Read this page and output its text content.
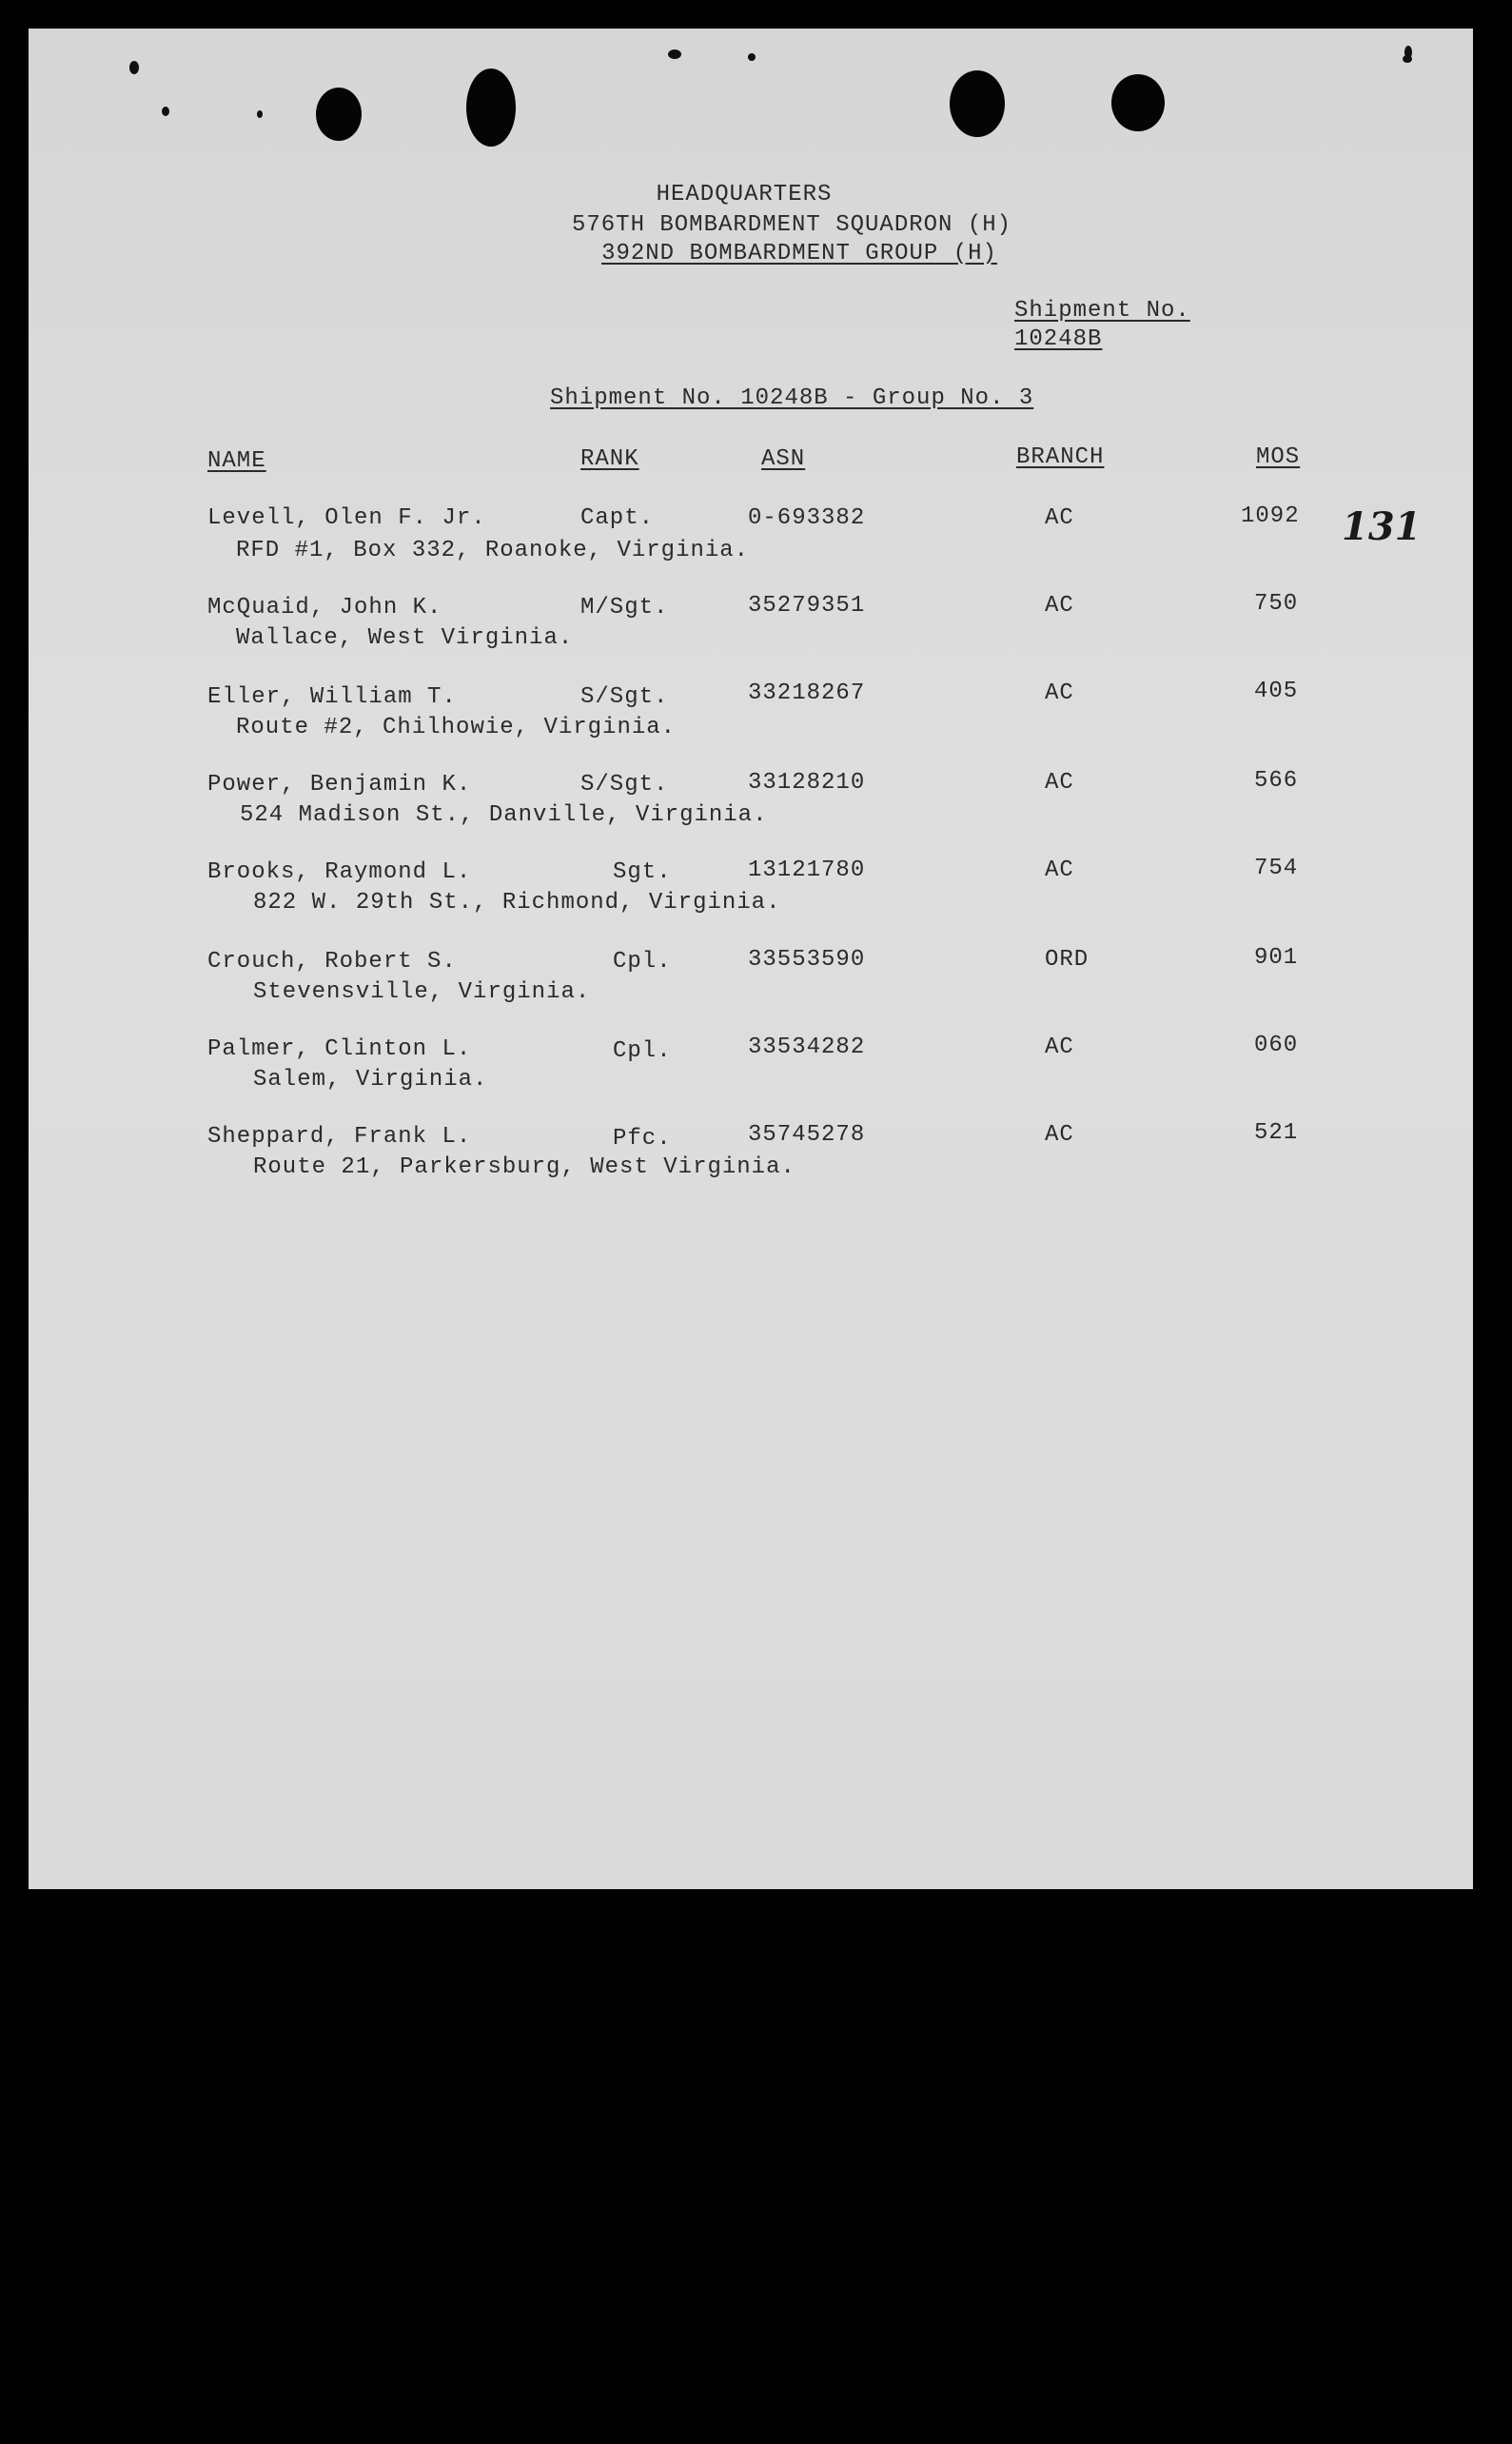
HEADQUARTERS
576TH BOMBARDMENT SQUADRON (H)
392ND BOMBARDMENT GROUP (H)
Shipment No.
10248B
Shipment No. 10248B - Group No. 3
NAME	RANK	ASN	BRANCH	MOS
131
Levell, Olen F. Jr.	Capt.	0-693382	AC	1092
RFD #1, Box 332, Roanoke, Virginia.
McQuaid, John K.	M/Sgt.	35279351	AC	750
Wallace, West Virginia.
Eller, William T.	S/Sgt.	33218267	AC	405
Route #2, Chilhowie, Virginia.
Power, Benjamin K.	S/Sgt.	33128210	AC	566
524 Madison St., Danville, Virginia.
Brooks, Raymond L.	Sgt.	13121780	AC	754
822 W. 29th St., Richmond, Virginia.
Crouch, Robert S.	Cpl.	33553590	ORD	901
Stevensville, Virginia.
Palmer, Clinton L.	Cpl.	33534282	AC	060
Salem, Virginia.
Sheppard, Frank L.	Pfc.	35745278	AC	521
Route 21, Parkersburg, West Virginia.
